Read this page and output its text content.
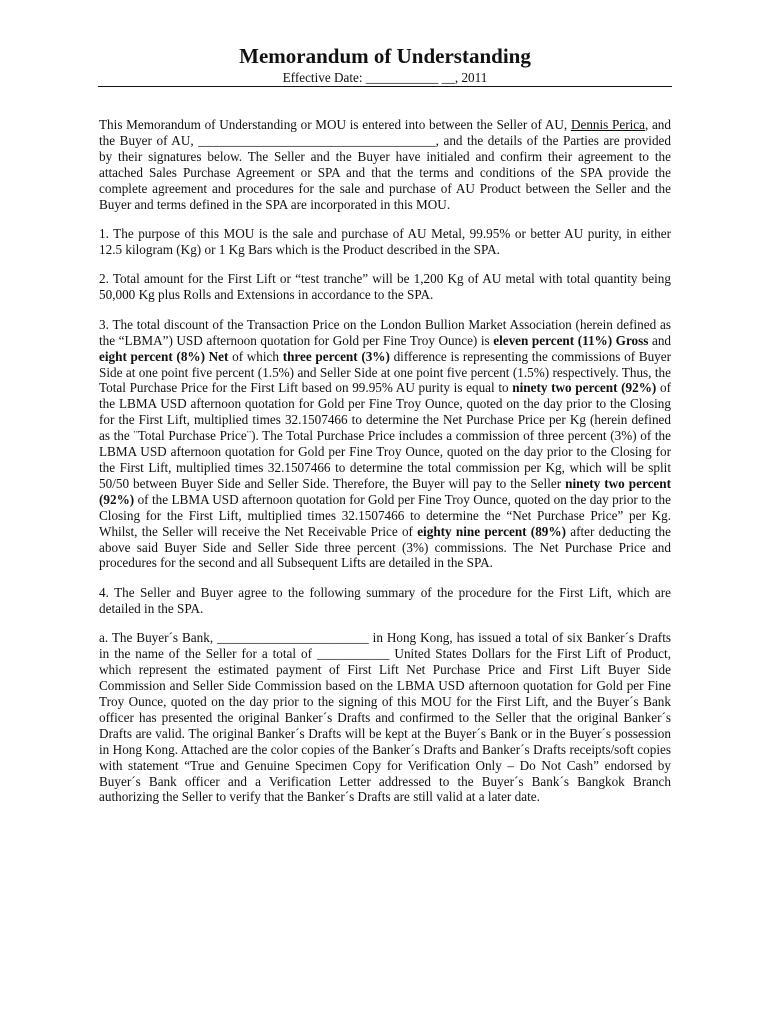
Memorandum of Understanding
Effective Date: ___________ __, 2011

This Memorandum of Understanding or MOU is entered into between the Seller of AU, Dennis Perica, and the Buyer of AU, ____________________________________, and the details of the Parties are provided by their signatures below. The Seller and the Buyer have initialed and confirm their agreement to the attached Sales Purchase Agreement or SPA and that the terms and conditions of the SPA provide the complete agreement and procedures for the sale and purchase of AU Product between the Seller and the Buyer and terms defined in the SPA are incorporated in this MOU.

1. The purpose of this MOU is the sale and purchase of AU Metal, 99.95% or better AU purity, in either 12.5 kilogram (Kg) or 1 Kg Bars which is the Product described in the SPA.

2. Total amount for the First Lift or “test tranche” will be 1,200 Kg of AU metal with total quantity being 50,000 Kg plus Rolls and Extensions in accordance to the SPA.

3. The total discount of the Transaction Price on the London Bullion Market Association (herein defined as the “LBMA”) USD afternoon quotation for Gold per Fine Troy Ounce) is eleven percent (11%) Gross and eight percent (8%) Net of which three percent (3%) difference is representing the commissions of Buyer Side at one point five percent (1.5%) and Seller Side at one point five percent (1.5%) respectively. Thus, the Total Purchase Price for the First Lift based on 99.95% AU purity is equal to ninety two percent (92%) of the LBMA USD afternoon quotation for Gold per Fine Troy Ounce, quoted on the day prior to the Closing for the First Lift, multiplied times 32.1507466 to determine the Net Purchase Price per Kg (herein defined as the ¨Total Purchase Price¨). The Total Purchase Price includes a commission of three percent (3%) of the LBMA USD afternoon quotation for Gold per Fine Troy Ounce, quoted on the day prior to the Closing for the First Lift, multiplied times 32.1507466 to determine the total commission per Kg, which will be split 50/50 between Buyer Side and Seller Side. Therefore, the Buyer will pay to the Seller ninety two percent (92%) of the LBMA USD afternoon quotation for Gold per Fine Troy Ounce, quoted on the day prior to the Closing for the First Lift, multiplied times 32.1507466 to determine the “Net Purchase Price” per Kg. Whilst, the Seller will receive the Net Receivable Price of eighty nine percent (89%) after deducting the above said Buyer Side and Seller Side three percent (3%) commissions. The Net Purchase Price and procedures for the second and all Subsequent Lifts are detailed in the SPA.

4. The Seller and Buyer agree to the following summary of the procedure for the First Lift, which are detailed in the SPA.

a. The Buyer´s Bank, _______________________ in Hong Kong, has issued a total of six Banker´s Drafts in the name of the Seller for a total of ___________ United States Dollars for the First Lift of Product, which represent the estimated payment of First Lift Net Purchase Price and First Lift Buyer Side Commission and Seller Side Commission based on the LBMA USD afternoon quotation for Gold per Fine Troy Ounce, quoted on the day prior to the signing of this MOU for the First Lift, and the Buyer´s Bank officer has presented the original Banker´s Drafts and confirmed to the Seller that the original Banker´s Drafts are valid. The original Banker´s Drafts will be kept at the Buyer´s Bank or in the Buyer´s possession in Hong Kong. Attached are the color copies of the Banker´s Drafts and Banker´s Drafts receipts/soft copies with statement “True and Genuine Specimen Copy for Verification Only – Do Not Cash” endorsed by Buyer´s Bank officer and a Verification Letter addressed to the Buyer´s Bank´s Bangkok Branch authorizing the Seller to verify that the Banker´s Drafts are still valid at a later date.
